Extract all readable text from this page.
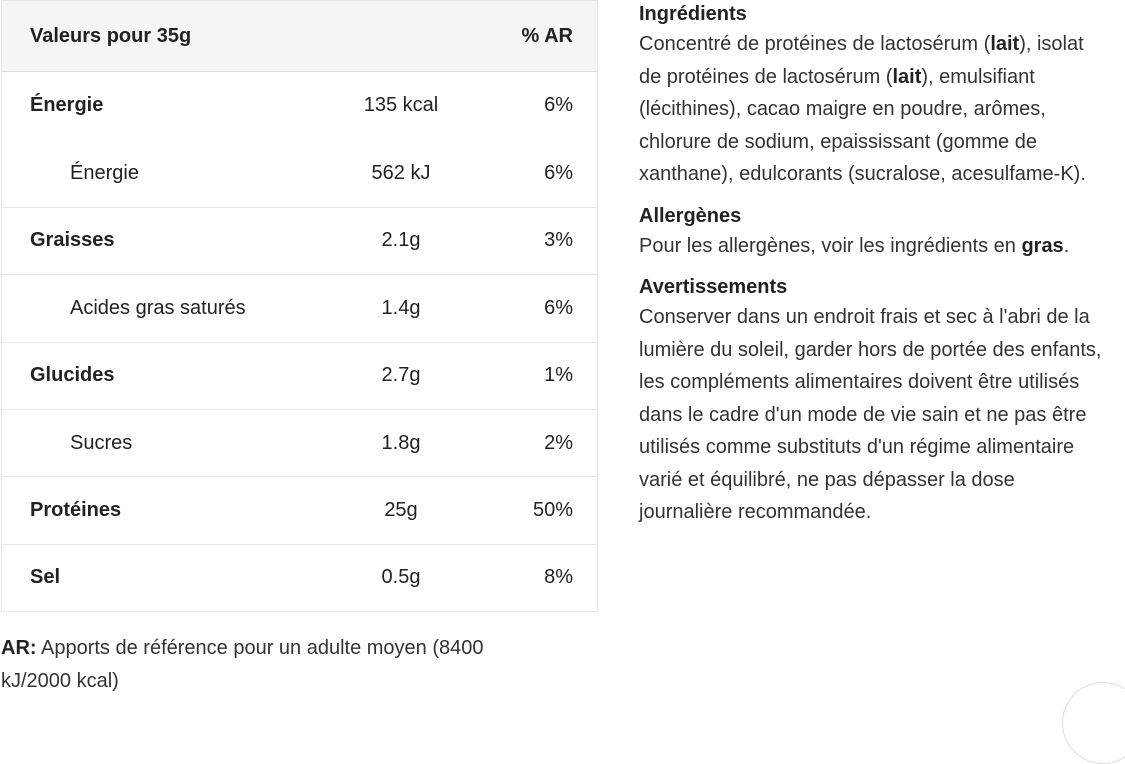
Valeurs pour 35g	% AR
Énergie	135 kcal	6%
Énergie	562 kJ	6%
Graisses	2.1g	3%
Acides gras saturés	1.4g	6%
Glucides	2.7g	1%
Sucres	1.8g	2%
Protéines	25g	50%
Sel	0.5g	8%
AR: Apports de référence pour un adulte moyen (8400 kJ/2000 kcal)
Ingrédients

Concentré de protéines de lactosérum (lait), isolat de protéines de lactosérum (lait), emulsifiant (lécithines), cacao maigre en poudre, arômes, chlorure de sodium, epaississant (gomme de xanthane), edulcorants (sucralose, acesulfame-K).

Allergènes

Pour les allergènes, voir les ingrédients en gras.

Avertissements

Conserver dans un endroit frais et sec à l'abri de la lumière du soleil, garder hors de portée des enfants, les compléments alimentaires doivent être utilisés dans le cadre d'un mode de vie sain et ne pas être utilisés comme substituts d'un régime alimentaire varié et équilibré, ne pas dépasser la dose journalière recommandée.
